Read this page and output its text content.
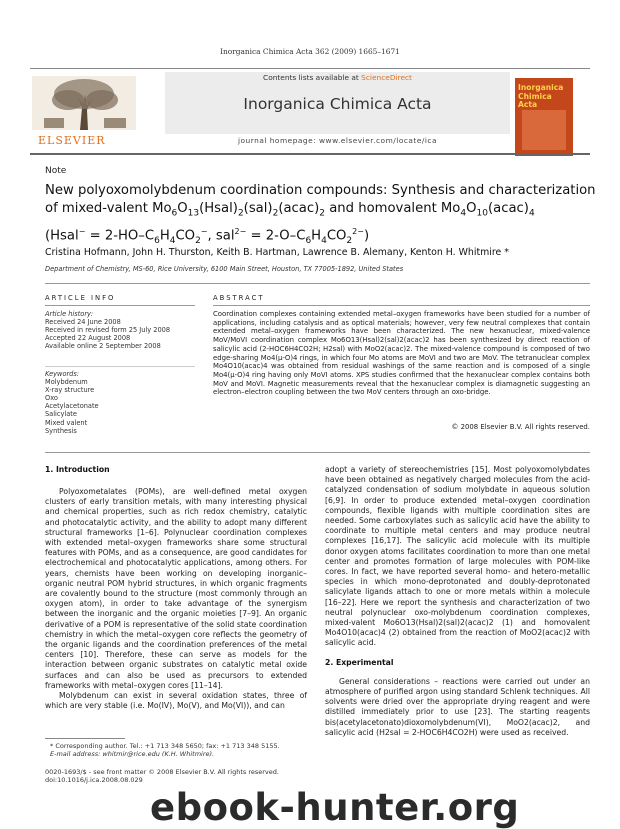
Inorganica Chimica Acta 362 (2009) 1665–1671
ELSEVIER
Contents lists available at ScienceDirect
Inorganica Chimica Acta
journal homepage: www.elsevier.com/locate/ica
Inorganica Chimica Acta
Note
New polyoxomolybdenum coordination compounds: Synthesis and characterization
of mixed-valent $Mo_6O_{13}(Hsal)_2(sal)_2(acac)_2$ and homovalent $Mo_4O_{10}(acac)_4$
(Hsal− = $2-HO-C_6H_4CO_2^-$, $sal^{2-} = 2-O-C_6H_4CO_2^{2-}$)
Cristina Hofmann, John H. Thurston, Keith B. Hartman, Lawrence B. Alemany, Kenton H. Whitmire *
Department of Chemistry, MS-60, Rice University, 6100 Main Street, Houston, TX 77005-1892, United States
ARTICLE INFO
Article history:
Received 24 June 2008
Received in revised form 25 July 2008
Accepted 22 August 2008
Available online 2 September 2008
Keywords:
Molybdenum
X-ray structure
Oxo
Acetylacetonate
Salicylate
Mixed valent
Synthesis
ABSTRACT
Coordination complexes containing extended metal–oxygen frameworks have been studied for a number of applications, including catalysis and as optical materials; however, very few neutral complexes that contain extended metal–oxygen frameworks have been characterized. The new hexanuclear, mixed-valence MoV/MoVI coordination complex Mo6O13(Hsal)2(sal)2(acac)2 has been synthesized by direct reaction of salicylic acid (2-HOC6H4CO2H; H2sal) with MoO2(acac)2. The mixed-valence compound is composed of two edge-sharing Mo4(μ-O)4 rings, in which four Mo atoms are MoVI and two are MoV. The tetranuclear complex Mo4O10(acac)4 was obtained from residual washings of the same reaction and is composed of a single Mo4(μ-O)4 ring having only MoVI atoms. XPS studies confirmed that the hexanuclear complex contains both MoV and MoVI. Magnetic measurements reveal that the hexanuclear complex is diamagnetic suggesting an electron–electron coupling between the two MoV centers through an oxo-bridge.
© 2008 Elsevier B.V. All rights reserved.
1. Introduction

Polyoxometalates (POMs), are well-defined metal oxygen clusters of early transition metals, with many interesting physical and chemical properties, such as rich redox chemistry, catalytic and photocatalytic activity, and the ability to adopt many different structural frameworks [1–6]. Polynuclear coordination complexes with extended metal–oxygen frameworks share some structural features with POMs, and as a consequence, are good candidates for electrochemical and photocatalytic applications, among others. For years, chemists have been working on developing inorganic–organic neutral POM hybrid structures, in which organic fragments are covalently bound to the structure (most commonly through an oxygen atom), in order to take advantage of the synergism between the inorganic and the organic moieties [7–9]. An organic derivative of a POM is representative of the solid state coordination chemistry in which the metal–oxygen core reflects the geometry of the organic ligands and the coordination preferences of the metal centers [10]. Therefore, these can serve as models for the interaction between organic substrates on catalytic metal oxide surfaces and can also be used as precursors to extended frameworks with metal–oxygen cores [11–14].

Molybdenum can exist in several oxidation states, three of which are very stable (i.e. Mo(IV), Mo(V), and Mo(VI)), and can

adopt a variety of stereochemistries [15]. Most polyoxomolybdates have been obtained as negatively charged molecules from the acid-catalyzed condensation of sodium molybdate in aqueous solution [6,9]. In order to produce extended metal–oxygen coordination compounds, flexible ligands with multiple coordination sites are needed. Some carboxylates such as salicylic acid have the ability to coordinate to multiple metal centers and may produce neutral complexes [16,17]. The salicylic acid molecule with its multiple donor oxygen atoms facilitates coordination to more than one metal center and promotes formation of large molecules with POM-like cores. In fact, we have reported several homo- and hetero-metallic species in which mono-deprotonated and doubly-deprotonated salicylate ligands attach to one or more metals within a molecule [16–22]. Here we report the synthesis and characterization of two neutral polynuclear oxo-molybdenum coordination complexes, mixed-valent Mo6O13(Hsal)2(sal)2(acac)2 (1) and homovalent Mo4O10(acac)4 (2) obtained from the reaction of MoO2(acac)2 with salicylic acid.

2. Experimental

General considerations – reactions were carried out under an atmosphere of purified argon using standard Schlenk techniques. All solvents were dried over the appropriate drying reagent and were distilled immediately prior to use [23]. The starting reagents bis(acetylacetonato)dioxomolybdenum(VI), MoO2(acac)2, and salicylic acid (H2sal = 2-HOC6H4CO2H) were used as received.

* Corresponding author. Tel.: +1 713 348 5650; fax: +1 713 348 5155.
E-mail address: whitmir@rice.edu (K.H. Whitmire).
0020-1693/$ - see front matter © 2008 Elsevier B.V. All rights reserved.
doi:10.1016/j.ica.2008.08.029
ebook-hunter.org
